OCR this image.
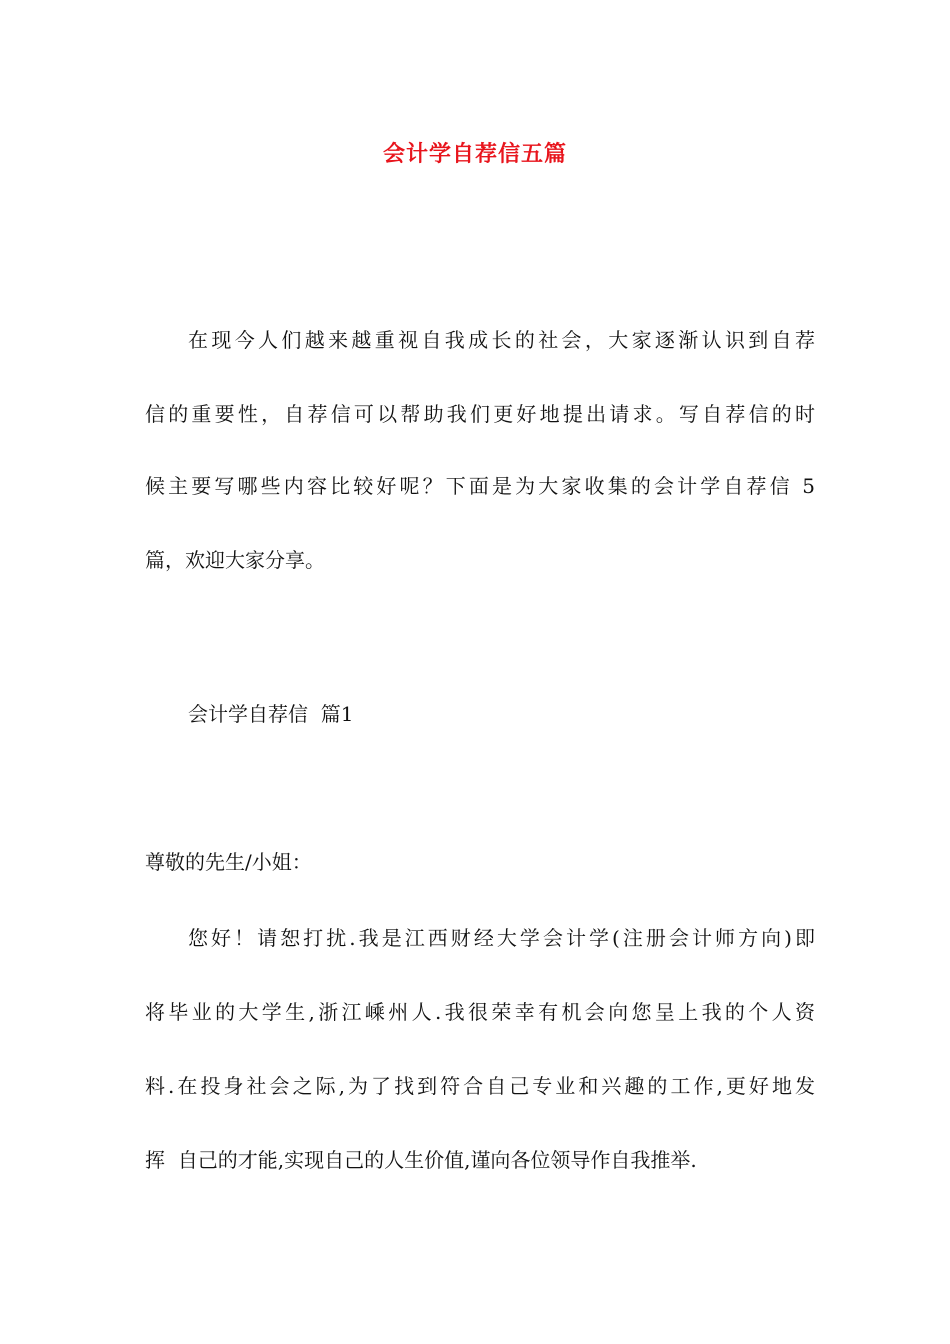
会计学自荐信五篇
在现今人们越来越重视自我成长的社会，大家逐渐认识到自荐
信的重要性，自荐信可以帮助我们更好地提出请求。写自荐信的时
候主要写哪些内容比较好呢？下面是为大家收集的会计学自荐信 5
篇，欢迎大家分享。
会计学自荐信  篇1
尊敬的先生/小姐：
您好！请恕打扰.我是江西财经大学会计学(注册会计师方向)即
将毕业的大学生,浙江嵊州人.我很荣幸有机会向您呈上我的个人资
料.在投身社会之际,为了找到符合自己专业和兴趣的工作,更好地发
挥  自己的才能,实现自己的人生价值,谨向各位领导作自我推举.
